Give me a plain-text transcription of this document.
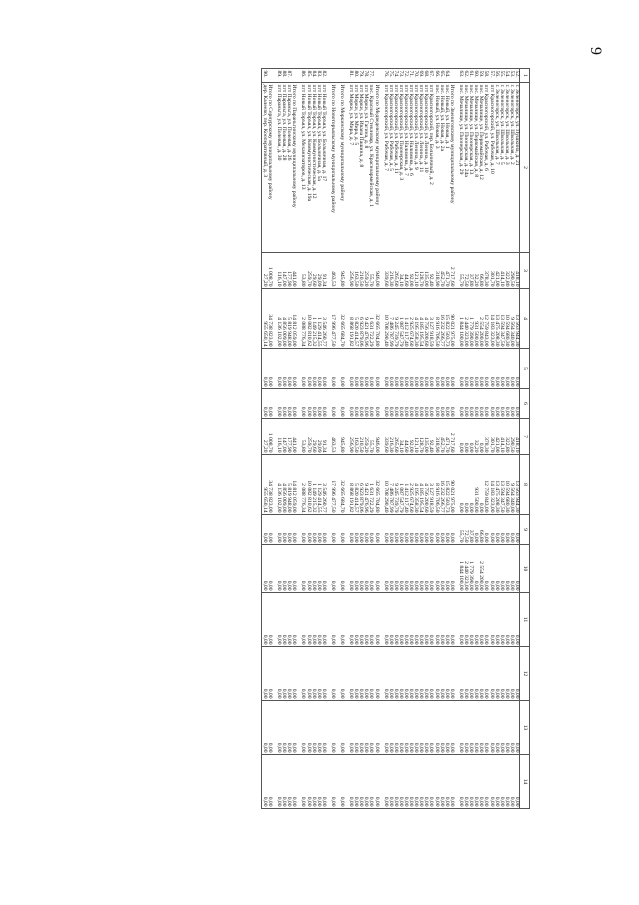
9
1	2	3	4	5	6	7	8	9	10	11	12	13	14
52.	г. Зеленогорск, ул. Пушкина, д. 21	418,10	13 563 944,30	0,00	0,00	418,10	13 563 944,30	0,00	0,00	0,00	0,00	0,00	0,00
53.	г. Зеленогорск, ул. Школьная, д. 2	290,50	9 564 340,00	0,00	0,00	290,50	9 564 340,00	0,00	0,00	0,00	0,00	0,00	0,00
54.	г. Зеленогорск, ул. Школьная, д. 3	322,80	10 594 680,30	0,00	0,00	322,80	10 594 680,30	0,00	0,00	0,00	0,00	0,00	0,00
55.	г. Зеленогорск, ул. Школьная, д. 5	414,10	13 594 347,50	0,00	0,00	414,10	13 594 347,50	0,00	0,00	0,00	0,00	0,00	0,00
56.	г. Зеленогорск, ул. Школьная, д. 7	421,00	13 475 208,30	0,00	0,00	421,00	13 475 208,30	0,00	0,00	0,00	0,00	0,00	0,00
57.	пгт Красногорский, ул. Рабочая, д. 10	301,70	14 183 323,00	0,00	0,00	301,70	14 183 323,00	0,00	0,00	0,00	0,00	0,00	0,00
58.	пгт Красногорский, ул. Рабочая, д. 6	378,30	12 759 843,00	0,00	0,00	378,30	12 759 843,00	0,00	0,00	0,00	0,00	0,00	0,00
59.	пос. Мочалище, ул. Первомайская, д. 12	66,80	2 554 200,00	0,00	0,00	0,00	0,00	66,80	2 554 200,00	0,00	0,00	0,00	0,00
60.	пос. Мочалище, ул. Первомайская, д. 8	32,20	931 500,00	0,00	0,00	32,20	931 500,00	0,00	0,00	0,00	0,00	0,00	0,00
61.	пос. Мочалище, ул. Пионерская, д. 13	37,80	1 779 390,00	0,00	0,00	0,00	0,00	37,80	1 779 390,00	0,00	0,00	0,00	0,00
62.	пос. Мочалище, ул. Пионерская, д. 24а	72,50	2 440 323,00	0,00	0,00	0,00	0,00	72,50	2 440 323,00	0,00	0,00	0,00	0,00
63.	пос. Мочалище, ул. Пионерская, д. 29	55,70	1 844 100,00	0,00	0,00	0,00	0,00	55,70	1 844 100,00	0,00	0,00	0,00	0,00

	Итого по Звениговскому муниципальному району	2 717,60	90 021 975,00	0,00	0,00	2 717,60	90 021 975,00	0,00	0,00	0,00	0,00	0,00	0,00
64.	пос. Новый, ул. Новая, д. 1	471,70	15 822 503,73	0,00	0,00	471,70	15 822 503,73	0,00	0,00	0,00	0,00	0,00	0,00
65.	пос. Новый, ул. Новая, д. 2а	452,70	16 232 266,77	0,00	0,00	452,70	16 232 266,77	0,00	0,00	0,00	0,00	0,00	0,00
66.	пос. Новый, ул. Новая, д. 3	318,90	8 916 706,50	0,00	0,00	318,90	8 916 706,50	0,00	0,00	0,00	0,00	0,00	0,00
67.	пгт Красногорский, пер. Больничный, д. 2	92,40	3 127 918,59	0,00	0,00	92,40	3 127 918,59	0,00	0,00	0,00	0,00	0,00	0,00
68.	пгт Красногорский, ул. Ленина, д. 10	135,00	4 756 200,60	0,00	0,00	135,00	4 756 200,60	0,00	0,00	0,00	0,00	0,00	0,00
69.	пгт Красногорский, ул. Ленина, д. 11	128,70	4 185 195,54	0,00	0,00	128,70	4 185 195,54	0,00	0,00	0,00	0,00	0,00	0,00
70.	пгт Красногорский, ул. Ленина, д. 9	121,10	4 195 358,30	0,00	0,00	121,10	4 195 358,30	0,00	0,00	0,00	0,00	0,00	0,00
71.	пгт Красногорский, ул. Налимова, д. 6	92,00	2 925 674,60	0,00	0,00	92,00	2 925 674,60	0,00	0,00	0,00	0,00	0,00	0,00
72.	пгт Красногорский, ул. Налимова, д. 7	44,60	1 412 117,40	0,00	0,00	44,60	1 412 117,40	0,00	0,00	0,00	0,00	0,00	0,00
73.	пгт Красногорский, ул. Пионерская, д. 3	34,10	1 087 547,79	0,00	0,00	34,10	1 087 547,79	0,00	0,00	0,00	0,00	0,00	0,00
74.	пгт Красногорский, ул. Рабочая, д. 11	265,60	9 245 739,79	0,00	0,00	265,60	9 245 739,79	0,00	0,00	0,00	0,00	0,00	0,00
75.	пгт Красногорский, ул. Рабочая, д. 5	216,30	7 486 787,99	0,00	0,00	216,30	7 486 787,99	0,00	0,00	0,00	0,00	0,00	0,00
76.	пгт Красногорский, ул. Рабочая, д. 7	339,60	10 708 290,40	0,00	0,00	339,60	10 708 290,40	0,00	0,00	0,00	0,00	0,00	0,00

	Итого по Медведевскому муниципальному району	946,00	32 665 704,80	0,00	0,00	946,00	32 665 704,80	0,00	0,00	0,00	0,00	0,00	0,00
77.	пос. Красный Стекловар, ул. Красноармейская, д. 1	55,70	1 631 722,29	0,00	0,00	55,70	1 631 722,29	0,00	0,00	0,00	0,00	0,00	0,00
78.	пгт Морки, ул. Гагина, д. 8	259,20	9 421 476,96	0,00	0,00	259,20	9 421 476,96	0,00	0,00	0,00	0,00	0,00	0,00
79.	пгт Морки, ул. Ивана Пашина, д. 8	210,50	6 923 879,06	0,00	0,00	210,50	6 923 879,06	0,00	0,00	0,00	0,00	0,00	0,00
80.	пгт Морки, ул. Мира, д. 5	163,50	5 820 414,57	0,00	0,00	163,50	5 820 414,57	0,00	0,00	0,00	0,00	0,00	0,00
81.	пгт Морки, ул. Мира, д. 7	256,90	8 868 191,82	0,00	0,00	256,90	8 868 191,82	0,00	0,00	0,00	0,00	0,00	0,00

	Итого по Моркинскому муниципальному району	945,80	32 665 684,70	0,00	0,00	945,80	32 665 684,70	0,00	0,00	0,00	0,00	0,00	0,00

	Итого по Новоторъяльскому муниципальному району	463,53	17 996 477,50	0,00	0,00	463,53	17 996 477,50	0,00	0,00	0,00	0,00	0,00	0,00

82.	пгт Новый Торъял, ул. Больничная, д. 17	91,34	3 546 260,77	0,00	0,00	91,34	3 546 260,77	0,00	0,00	0,00	0,00	0,00	0,00
83.	пгт Новый Торъял, ул. Больничная, д. 5а	29,09	1 129 414,55	0,00	0,00	29,09	1 129 414,55	0,00	0,00	0,00	0,00	0,00	0,00
84.	пгт Новый Торъял, ул. Коммунистическая, д. 12	29,60	1 149 215,32	0,00	0,00	29,60	1 149 215,32	0,00	0,00	0,00	0,00	0,00	0,00
85.	пгт Новый Торъял, ул. Коммунистическая, д. 19а	259,70	10 082 810,62	0,00	0,00	259,70	10 082 810,62	0,00	0,00	0,00	0,00	0,00	0,00
86.	пгт Новый Торъял, ул. Механизаторов, д. 13	53,80	2 088 776,34	0,00	0,00	53,80	2 088 776,34	0,00	0,00	0,00	0,00	0,00	0,00

	Итого по Параньгинскому муниципальному району	441,00	14 812 059,00	0,00	0,00	441,00	14 812 059,00	0,00	0,00	0,00	0,00	0,00	0,00
87.	пгт Параньга, ул. Полевая, д. 26	177,90	5 819 948,00	0,00	0,00	177,90	5 819 948,00	0,00	0,00	0,00	0,00	0,00	0,00
88.	пгт Параньга, ул. Полевая, д. 28	147,00	4 856 009,00	0,00	0,00	147,00	4 856 009,00	0,00	0,00	0,00	0,00	0,00	0,00
89.	пгт Параньга, ул. Полевая, д. 30	116,10	4 136 102,00	0,00	0,00	116,10	4 136 102,00	0,00	0,00	0,00	0,00	0,00	0,00

	Итого по Сернурскому муниципальному району	1 008,70	34 738 823,00	0,00	0,00	1 008,70	34 738 823,00	0,00	0,00	0,00	0,00	0,00	0,00
90.	дер. Калеево, пер. Кооперативный, д. 3	27,20	955 650,14	0,00	0,00	27,20	955 650,14	0,00	0,00	0,00	0,00	0,00	0,00
